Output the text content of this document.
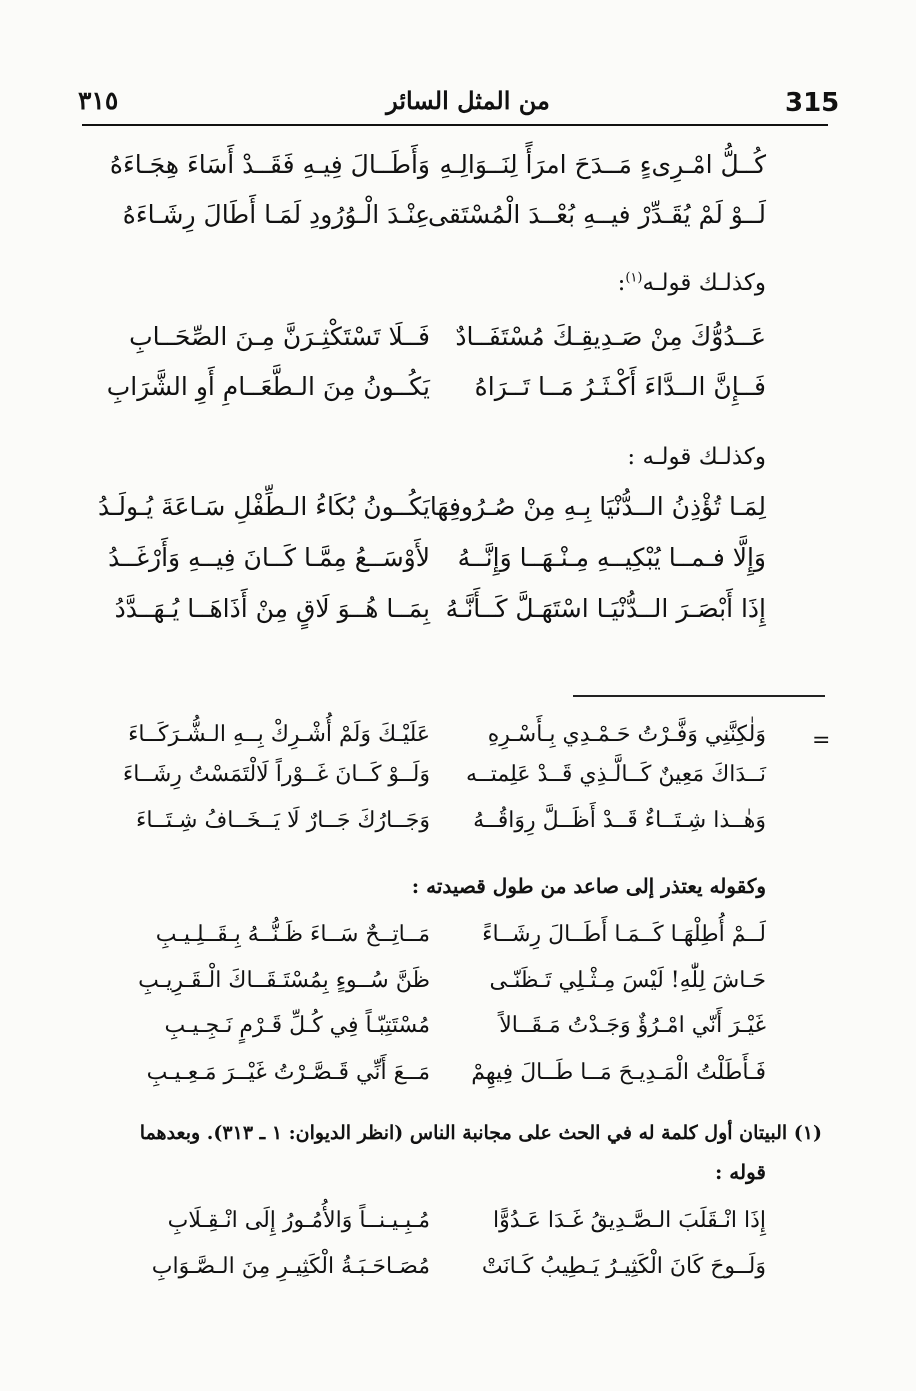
٣١٥	من المثل السائر	315
كُــلُّ امْـرِىءٍ مَــدَحَ امرَأً لِنَــوَالِـهِ
وَأَطَــالَ فِيـهِ فَقَــدْ أَسَاءَ هِجَـاءَهُ
لَــوْ لَمْ يُقَـدِّرْ فيــهِ بُعْــدَ الْمُسْتَقى
عِنْـدَ الْـوُرُودِ لَمَـا أَطَالَ رِشَـاءَهُ
وكذلـك قولـه$^{(١)}$:
عَــدُوُّكَ مِنْ صَـدِيقِـكَ مُسْتَفَــادٌ
فَــلَا تَسْتَكْثِـرَنَّ مِـنَ الصِّحَــابِ
فَــإِنَّ الــدَّاءَ أَكْـثَـرُ مَــا تَــرَاهُ
يَكُــونُ مِنَ الـطَّعَــامِ أَوِ الشَّرَابِ
وكذلـك قولـه :
لِمَـا تُؤْذِنُ الــدُّنْيَا بِـهِ مِنْ صُـرُوفِهَا
يَكُــونُ بُكَاءُ الـطِّفْلِ سَـاعَةَ يُـولَـدُ
وَإِلَّا فـمــا يُبْكِيــهِ مِـنْـهَــا وَإِنَّــهُ
لأَوْسَــعُ مِمَّـا كَــانَ فِيــهِ وَأَرْغَــدُ
إِذَا أَبْصَـرَ الــدُّنْيَـا اسْتَهَـلَّ كَــأَنَّـهُ
بِمَــا هُــوَ لَاقٍ مِنْ أَذَاهَــا يُـهَــدَّدُ
=
وَلٰكِنَّنِي وَفَّـرْتُ حَـمْـدِي بِـأَسْـرِهِ
عَلَيْـكَ وَلَمْ أُشْـرِكْ بِــهِ الـشُّـرَكَــاءَ
نَــدَاكَ مَعِينٌ كَــالَّـذِي قَــدْ عَلِمتــه
وَلَــوْ كَــانَ غَــوْراً لَالْتَمَسْتُ رِشَــاءَ
وَهٰــذا شِـتَــاءٌ قَــدْ أَظَــلَّ رِوَاقُــهُ
وَجَــارُكَ جَــارٌ لَا يَــخَــافُ شِـتَــاءَ
وكقوله يعتذر إلى صاعد من طول قصيدته :
لَــمْ أُطِلْهَـا كَــمَـا أَطَــالَ رِشَــاءً
مَــاتِــحٌ سَــاءَ ظَـنُّــهُ بِـقَــلِـيـبِ
حَـاشَ لِلّٰهِ! لَيْسَ مِـثْـلِي تَـظَنّـى
ظَنَّ سُــوءٍ بِمُسْتَـقَــاكَ الْـقَـرِيـبِ
غَيْـرَ أَنّي امْـرُؤٌ وَجَـدْتُ مَـقَــالاً
مُسْتَتِبّـاً فِي كُـلِّ قَـرْمٍ نَـجِـيـبِ
فَـأَطَلْتُ الْمَـدِيـحَ مَــا طَــالَ فِيهِمْ
مَــعَ أَنِّي قَـصَّـرْتُ غَيْــرَ مَـعِـيـبِ
(١) البيتان أول كلمة له في الحث على مجانبة الناس (انظر الديوان: ١ ـ ٣١٣). وبعدهما
قوله :
إِذَا انْـقَلَبَ الـصَّـدِيقُ غَـدَا عَـدُوًّا
مُـبِـيـنــاً وَالأُمُـورُ إِلَى انْـقِـلَابِ
وَلَــوحَ كَانَ الْكَثِيـرُ يَـطِيبُ كَـانَتْ
مُصَـاحَـبَـةُ الْكَثِيـرِ مِنَ الـصَّـوَابِ
